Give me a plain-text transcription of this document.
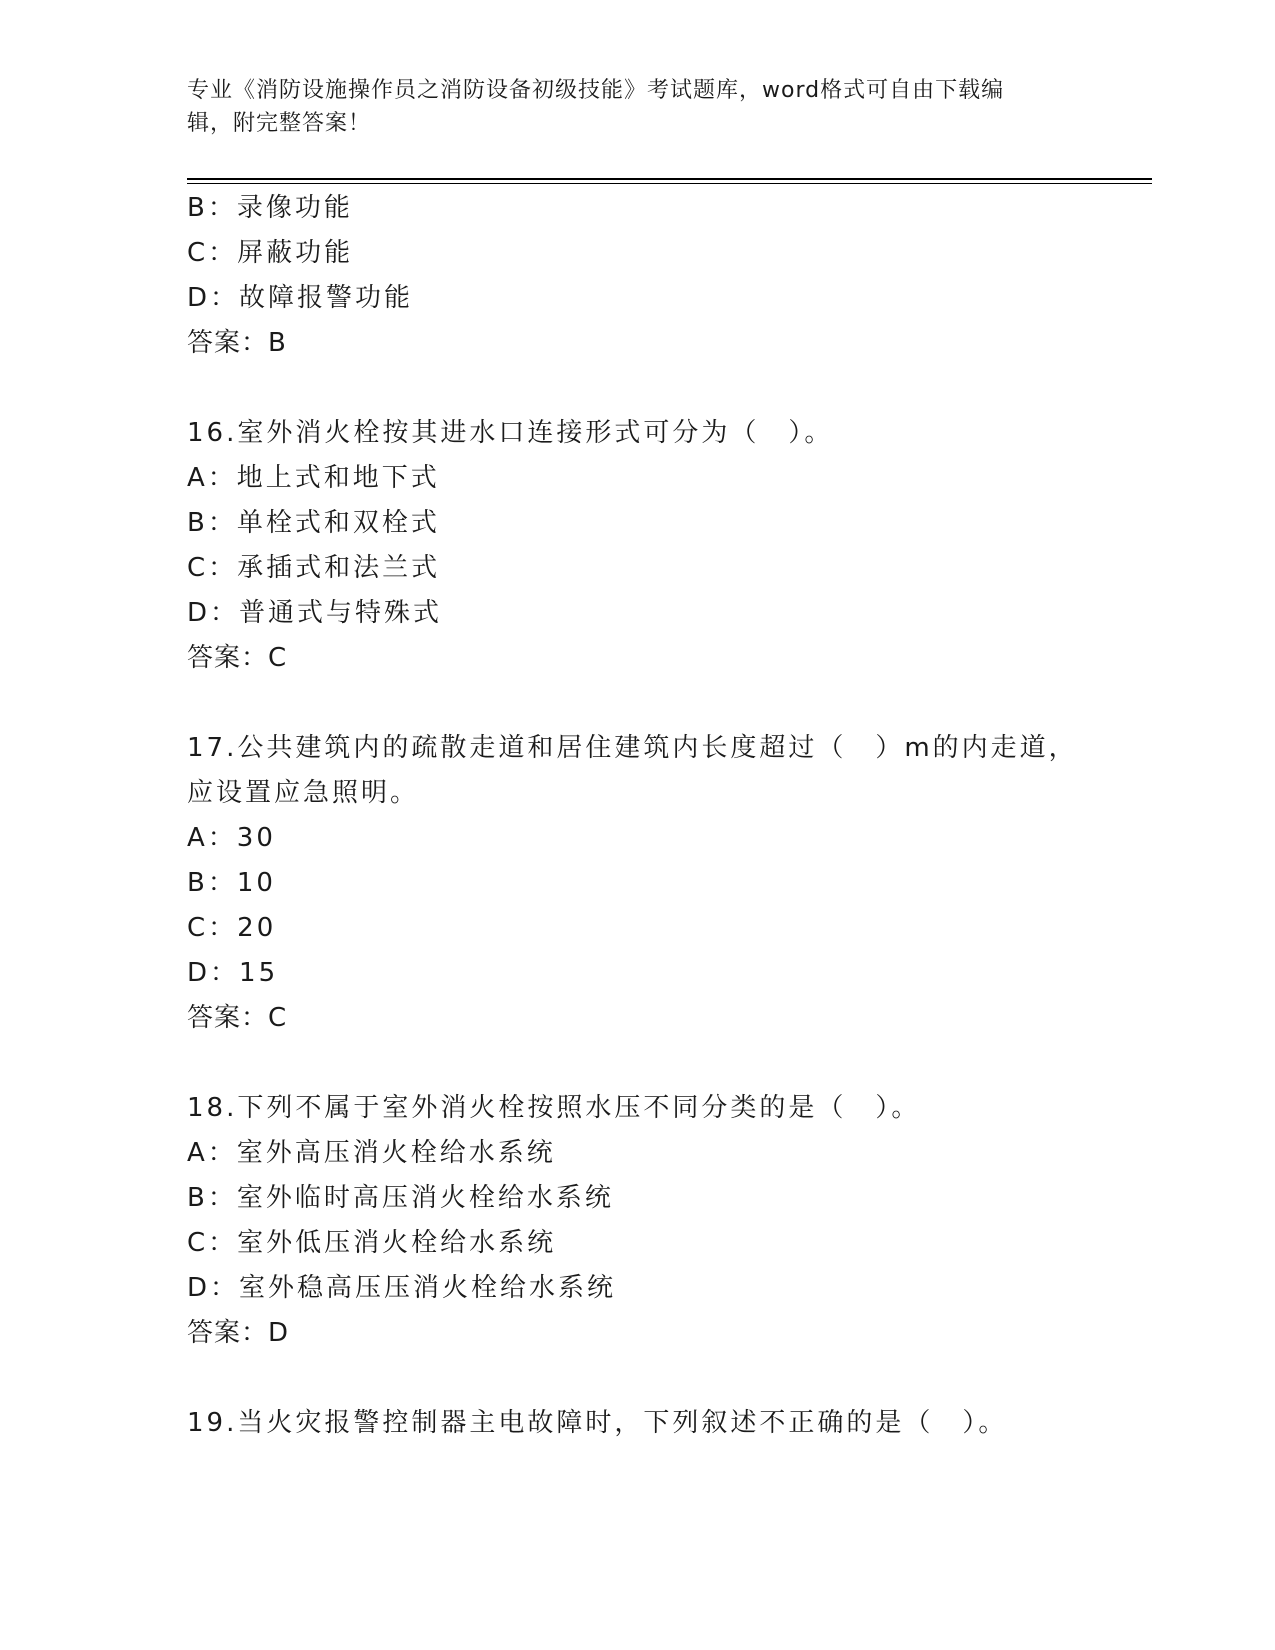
专业《消防设施操作员之消防设备初级技能》考试题库，word格式可自由下载编
辑，附完整答案！
B：录像功能
C：屏蔽功能
D：故障报警功能
答案：B
16.室外消火栓按其进水口连接形式可分为（　）。
A：地上式和地下式
B：单栓式和双栓式
C：承插式和法兰式
D：普通式与特殊式
答案：C
17.公共建筑内的疏散走道和居住建筑内长度超过（　）m的内走道，
应设置应急照明。
A：30
B：10
C：20
D：15
答案：C
18.下列不属于室外消火栓按照水压不同分类的是（　）。
A：室外高压消火栓给水系统
B：室外临时高压消火栓给水系统
C：室外低压消火栓给水系统
D：室外稳高压压消火栓给水系统
答案：D
19.当火灾报警控制器主电故障时，下列叙述不正确的是（　）。
